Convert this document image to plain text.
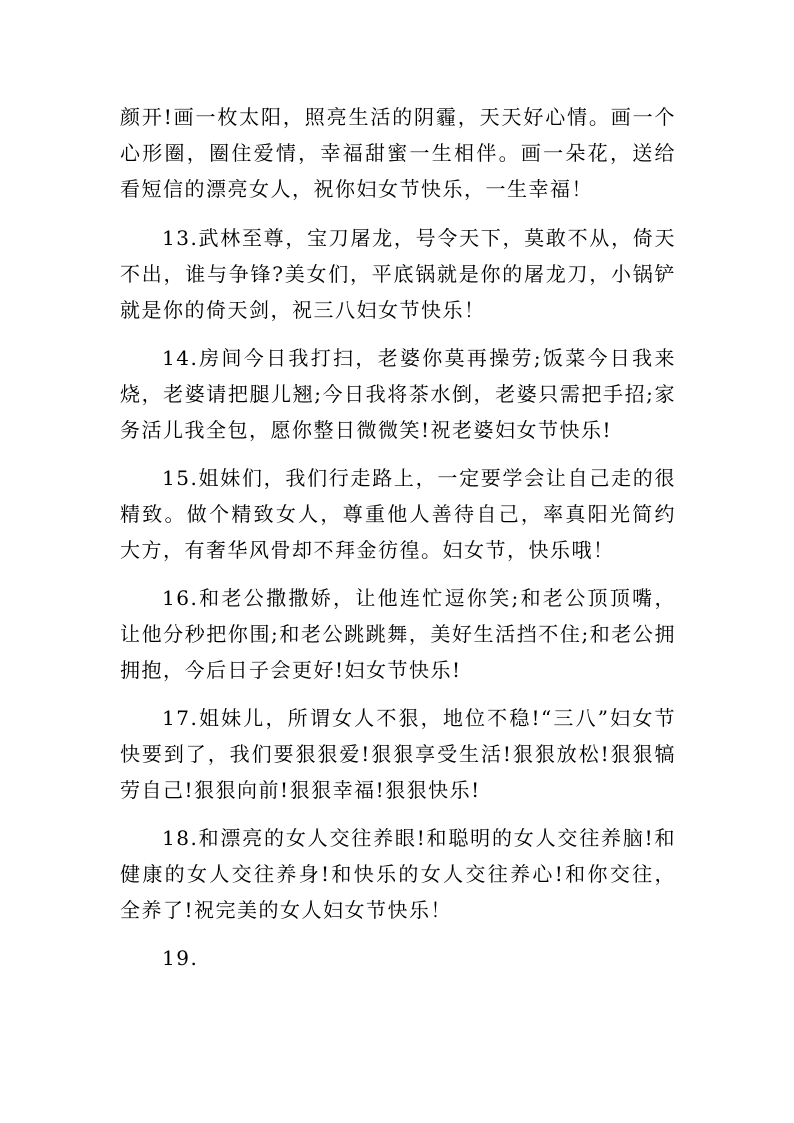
颜开!画一枚太阳，照亮生活的阴霾，天天好心情。画一个心形圈，圈住爱情，幸福甜蜜一生相伴。画一朵花，送给看短信的漂亮女人，祝你妇女节快乐，一生幸福！

13.武林至尊，宝刀屠龙，号令天下，莫敢不从，倚天不出，谁与争锋?美女们，平底锅就是你的屠龙刀，小锅铲就是你的倚天剑，祝三八妇女节快乐！

14.房间今日我打扫，老婆你莫再操劳;饭菜今日我来烧，老婆请把腿儿翘;今日我将茶水倒，老婆只需把手招;家务活儿我全包，愿你整日微微笑!祝老婆妇女节快乐!

15.姐妹们，我们行走路上，一定要学会让自己走的很精致。做个精致女人，尊重他人善待自己，率真阳光简约大方，有奢华风骨却不拜金彷徨。妇女节，快乐哦！

16.和老公撒撒娇，让他连忙逗你笑;和老公顶顶嘴，让他分秒把你围;和老公跳跳舞，美好生活挡不住;和老公拥拥抱，今后日子会更好!妇女节快乐!

17.姐妹儿，所谓女人不狠，地位不稳!“三八”妇女节快要到了，我们要狠狠爱!狠狠享受生活!狠狠放松!狠狠犒劳自己!狠狠向前!狠狠幸福!狠狠快乐!

18.和漂亮的女人交往养眼!和聪明的女人交往养脑!和健康的女人交往养身!和快乐的女人交往养心!和你交往，全养了!祝完美的女人妇女节快乐！

19.
